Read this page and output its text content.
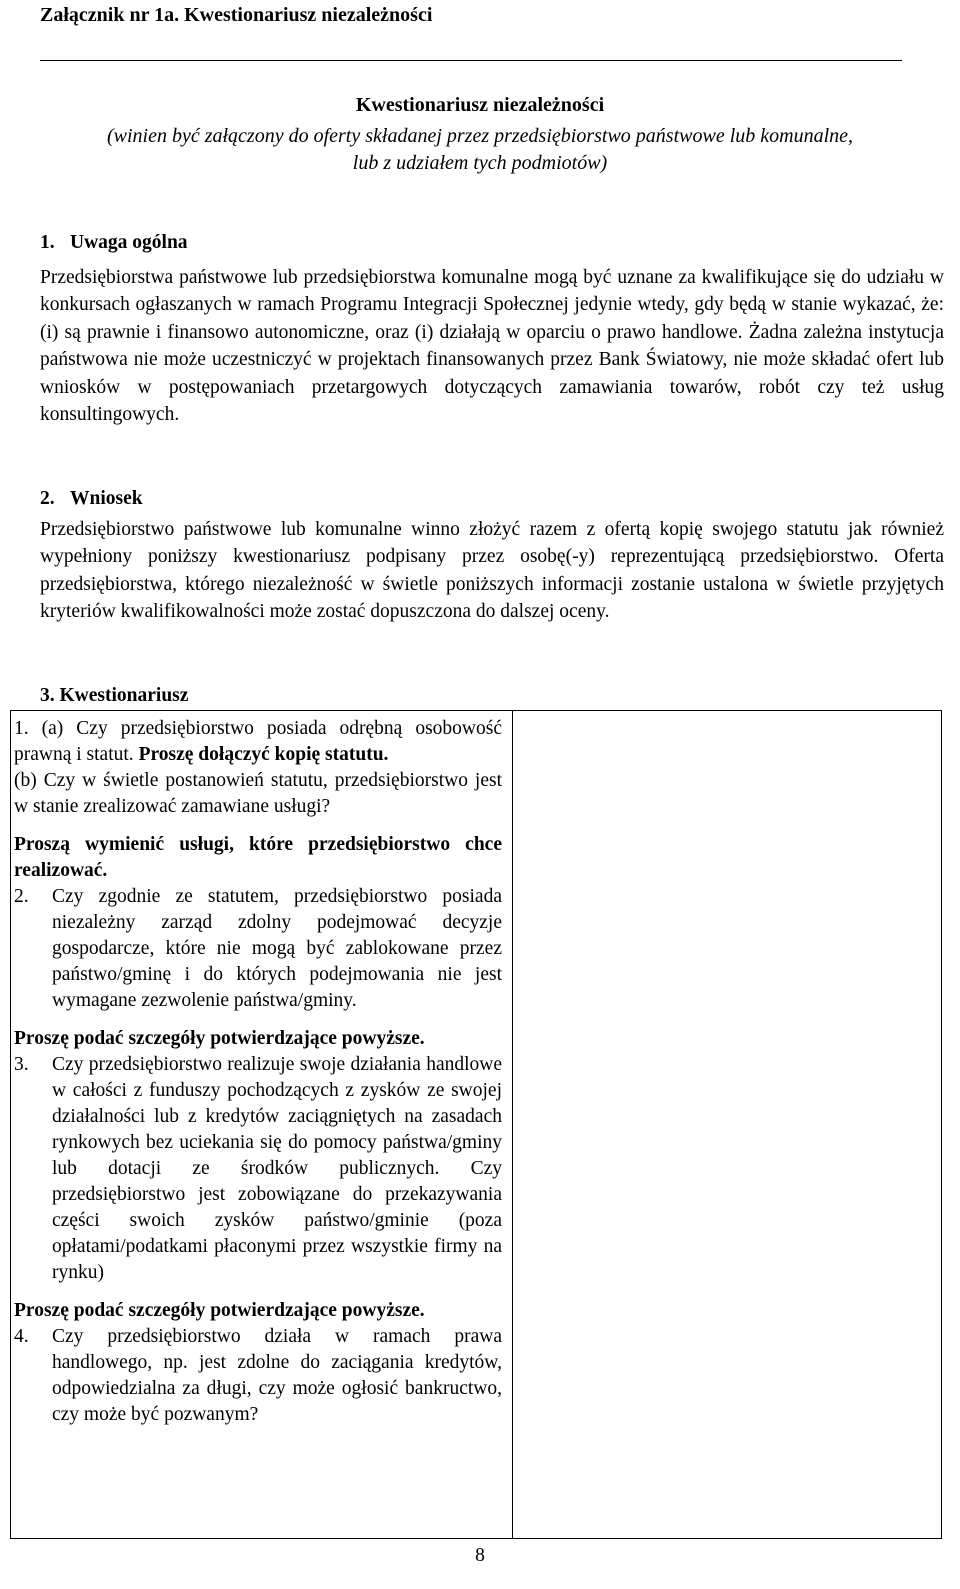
Załącznik nr 1a. Kwestionariusz niezależności
Kwestionariusz niezależności
(winien być załączony do oferty składanej przez przedsiębiorstwo państwowe lub komunalne,
lub z udziałem tych podmiotów)
1. Uwaga ogólna
Przedsiębiorstwa państwowe lub przedsiębiorstwa komunalne mogą być uznane za kwalifikujące się do udziału w konkursach ogłaszanych w ramach Programu Integracji Społecznej jedynie wtedy, gdy będą w stanie wykazać, że: (i) są prawnie i finansowo autonomiczne, oraz (i) działają w oparciu o prawo handlowe. Żadna zależna instytucja państwowa nie może uczestniczyć w projektach finansowanych przez Bank Światowy, nie może składać ofert lub wniosków w postępowaniach przetargowych dotyczących zamawiania towarów, robót czy też usług konsultingowych.
2. Wniosek
Przedsiębiorstwo państwowe lub komunalne winno złożyć razem z ofertą kopię swojego statutu jak również wypełniony poniższy kwestionariusz podpisany przez osobę(-y) reprezentującą przedsiębiorstwo. Oferta przedsiębiorstwa, którego niezależność w świetle poniższych informacji zostanie ustalona w świetle przyjętych kryteriów kwalifikowalności może zostać dopuszczona do dalszej oceny.
3. Kwestionariusz
1. (a) Czy przedsiębiorstwo posiada odrębną osobowość prawną i statut. Proszę dołączyć kopię statutu.
(b) Czy w świetle postanowień statutu, przedsiębiorstwo jest w stanie zrealizować zamawiane usługi?
Proszą wymienić usługi, które przedsiębiorstwo chce realizować.
2.	Czy zgodnie ze statutem, przedsiębiorstwo posiada niezależny zarząd zdolny podejmować decyzje gospodarcze, które nie mogą być zablokowane przez państwo/gminę i do których podejmowania nie jest wymagane zezwolenie państwa/gminy.
Proszę podać szczegóły potwierdzające powyższe.
3.	Czy przedsiębiorstwo realizuje swoje działania handlowe w całości z funduszy pochodzących z zysków ze swojej działalności lub z kredytów zaciągniętych na zasadach rynkowych bez uciekania się do pomocy państwa/gminy lub dotacji ze środków publicznych. Czy przedsiębiorstwo jest zobowiązane do przekazywania części swoich zysków państwo/gminie (poza opłatami/podatkami płaconymi przez wszystkie firmy na rynku)
Proszę podać szczegóły potwierdzające powyższe.
4.	Czy przedsiębiorstwo działa w ramach prawa handlowego, np. jest zdolne do zaciągania kredytów, odpowiedzialna za długi, czy może ogłosić bankructwo, czy może być pozwanym?
8
